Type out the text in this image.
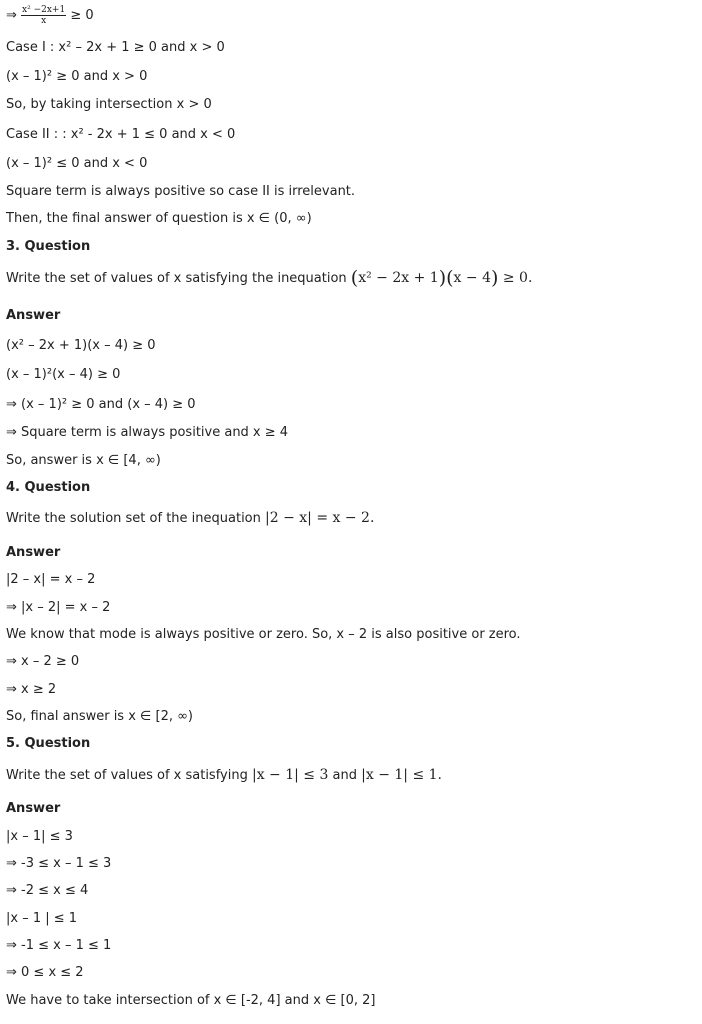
⇒ $\frac{\text{x² −2x+1}}{x} \ge 0$
Case I : x² – 2x + 1 ≥ 0 and x > 0
(x – 1)² ≥ 0 and x > 0
So, by taking intersection x > 0
Case II : : x² - 2x + 1 ≤ 0 and x < 0
(x – 1)² ≤ 0 and x < 0
Square term is always positive so case II is irrelevant.
Then, the final answer of question is x ∈ (0, ∞)
3. Question
Write the set of values of x satisfying the inequation (x² − 2x + 1)(x − 4) ≥ 0.
Answer
(x² – 2x + 1)(x – 4) ≥ 0
(x – 1)²(x – 4) ≥ 0
⇒ (x – 1)² ≥ 0 and (x – 4) ≥ 0
⇒ Square term is always positive and x ≥ 4
So, answer is x ∈ [4, ∞)
4. Question
Write the solution set of the inequation |2 − x| = x − 2.
Answer
|2 – x| = x – 2
⇒ |x – 2| = x – 2
We know that mode is always positive or zero. So, x – 2 is also positive or zero.
⇒ x – 2 ≥ 0
⇒ x ≥ 2
So, final answer is x ∈ [2, ∞)
5. Question
Write the set of values of x satisfying |x − 1| ≤ 3 and |x − 1| ≤ 1.
Answer
|x – 1| ≤ 3
⇒ -3 ≤ x – 1 ≤ 3
⇒ -2 ≤ x ≤ 4
|x – 1 | ≤ 1
⇒ -1 ≤ x – 1 ≤ 1
⇒ 0 ≤ x ≤ 2
We have to take intersection of x ∈ [-2, 4] and x ∈ [0, 2]
